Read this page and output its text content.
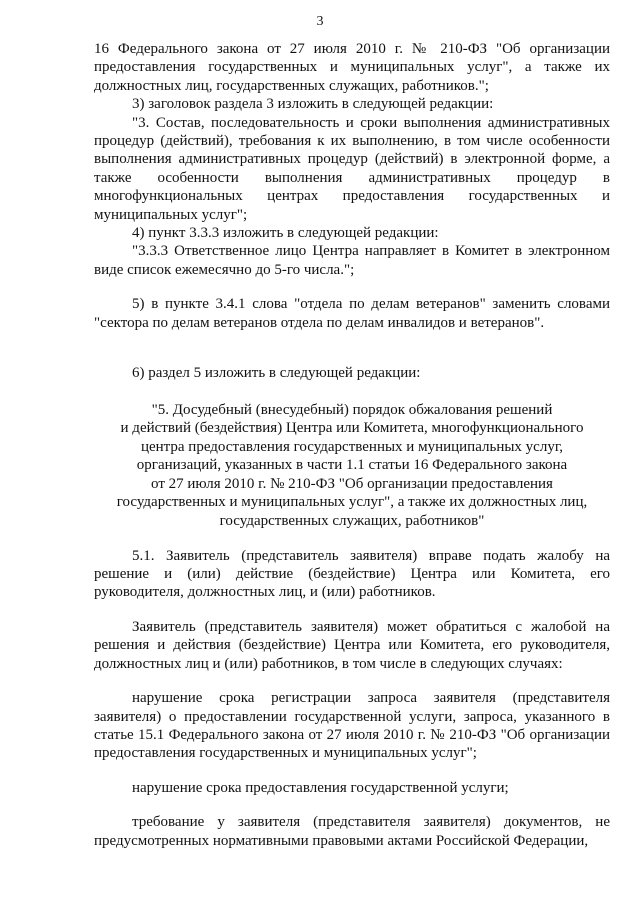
3

16 Федерального закона от 27 июля 2010 г. № 210-ФЗ "Об организации предоставления государственных и муниципальных услуг", а также их должностных лиц, государственных служащих, работников.";

3) заголовок раздела 3 изложить в следующей редакции:

"3. Состав, последовательность и сроки выполнения административных процедур (действий), требования к их выполнению, в том числе особенности выполнения административных процедур (действий) в электронной форме, а также особенности выполнения административных процедур в многофункциональных центрах предоставления государственных и муниципальных услуг";

4) пункт 3.3.3 изложить в следующей редакции:

"3.3.3 Ответственное лицо Центра направляет в Комитет в электронном виде список ежемесячно до 5-го числа.";

5) в пункте 3.4.1 слова "отдела по делам ветеранов" заменить словами "сектора по делам ветеранов отдела по делам инвалидов и ветеранов".

6) раздел 5 изложить в следующей редакции:

"5. Досудебный (внесудебный) порядок обжалования решений

и действий (бездействия) Центра или Комитета, многофункционального

центра предоставления государственных и муниципальных услуг,

организаций, указанных в части 1.1 статьи 16 Федерального закона

от 27 июля 2010 г. № 210-ФЗ "Об организации предоставления

государственных и муниципальных услуг", а также их должностных лиц,

государственных служащих, работников"

5.1. Заявитель (представитель заявителя) вправе подать жалобу на решение и (или) действие (бездействие) Центра или Комитета, его руководителя, должностных лиц, и (или) работников.

Заявитель (представитель заявителя) может обратиться с жалобой на решения и действия (бездействие) Центра или Комитета, его руководителя, должностных лиц и (или) работников, в том числе в следующих случаях:

нарушение срока регистрации запроса заявителя (представителя заявителя) о предоставлении государственной услуги, запроса, указанного в статье 15.1 Федерального закона от 27 июля 2010 г. № 210-ФЗ "Об организации предоставления государственных и муниципальных услуг";

нарушение срока предоставления государственной услуги;

требование у заявителя (представителя заявителя) документов, не предусмотренных нормативными правовыми актами Российской Федерации,
